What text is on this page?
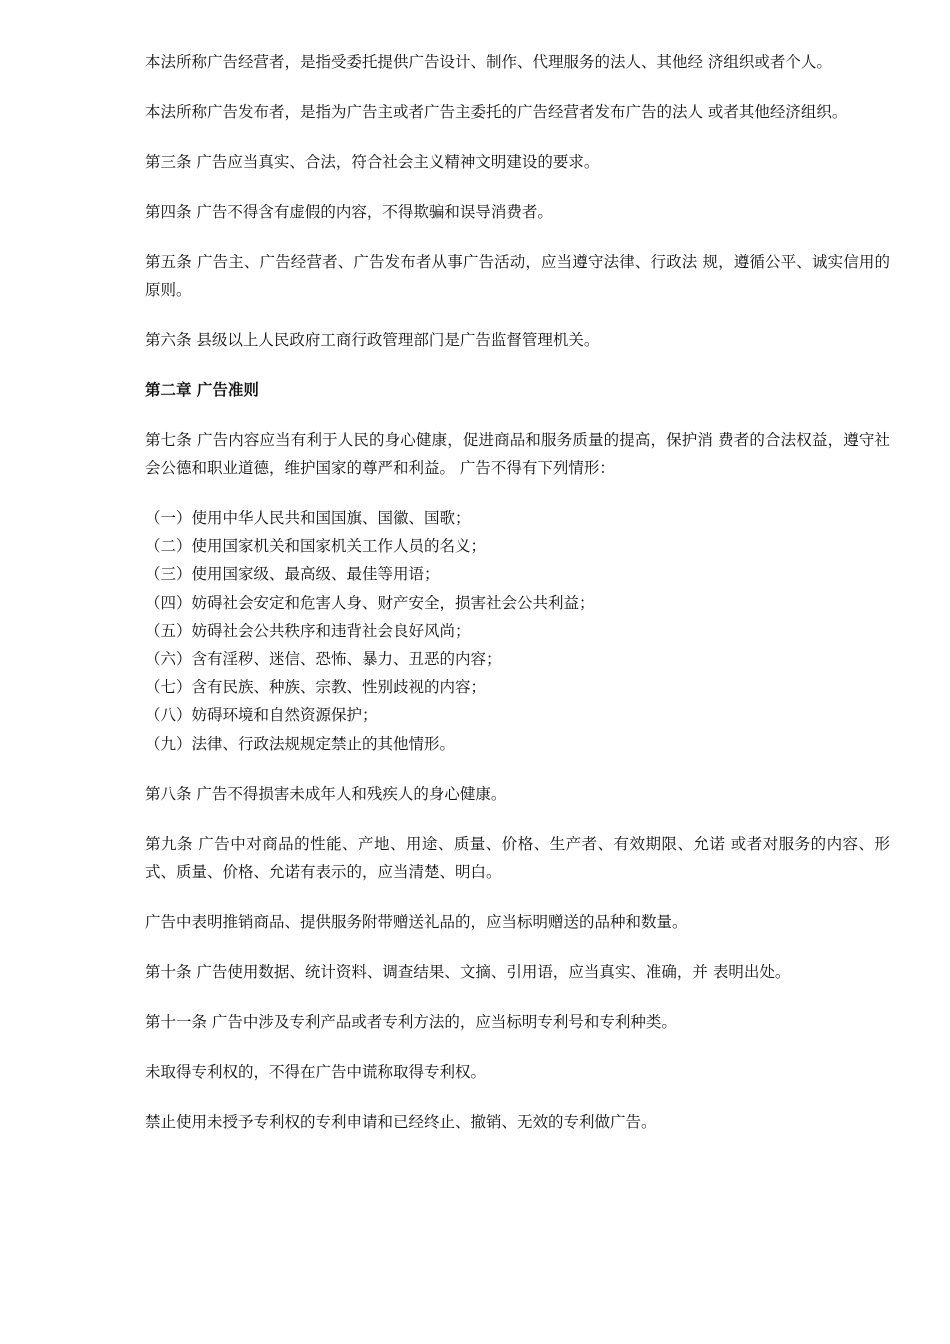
本法所称广告经营者，是指受委托提供广告设计、制作、代理服务的法人、其他经 济组织或者个人。

本法所称广告发布者，是指为广告主或者广告主委托的广告经营者发布广告的法人 或者其他经济组织。

第三条 广告应当真实、合法，符合社会主义精神文明建设的要求。

第四条 广告不得含有虚假的内容，不得欺骗和误导消费者。

第五条 广告主、广告经营者、广告发布者从事广告活动，应当遵守法律、行政法 规，遵循公平、诚实信用的原则。

第六条 县级以上人民政府工商行政管理部门是广告监督管理机关。

第二章 广告准则

第七条 广告内容应当有利于人民的身心健康，促进商品和服务质量的提高，保护消 费者的合法权益，遵守社会公德和职业道德，维护国家的尊严和利益。 广告不得有下列情形：

（一）使用中华人民共和国国旗、国徽、国歌；
（二）使用国家机关和国家机关工作人员的名义；
（三）使用国家级、最高级、最佳等用语；
（四）妨碍社会安定和危害人身、财产安全，损害社会公共利益；
（五）妨碍社会公共秩序和违背社会良好风尚；
（六）含有淫秽、迷信、恐怖、暴力、丑恶的内容；
（七）含有民族、种族、宗教、性别歧视的内容；
（八）妨碍环境和自然资源保护；
（九）法律、行政法规规定禁止的其他情形。

第八条 广告不得损害未成年人和残疾人的身心健康。

第九条 广告中对商品的性能、产地、用途、质量、价格、生产者、有效期限、允诺 或者对服务的内容、形式、质量、价格、允诺有表示的，应当清楚、明白。

广告中表明推销商品、提供服务附带赠送礼品的，应当标明赠送的品种和数量。

第十条 广告使用数据、统计资料、调查结果、文摘、引用语，应当真实、准确，并 表明出处。

第十一条 广告中涉及专利产品或者专利方法的，应当标明专利号和专利种类。

未取得专利权的，不得在广告中谎称取得专利权。

禁止使用未授予专利权的专利申请和已经终止、撤销、无效的专利做广告。
